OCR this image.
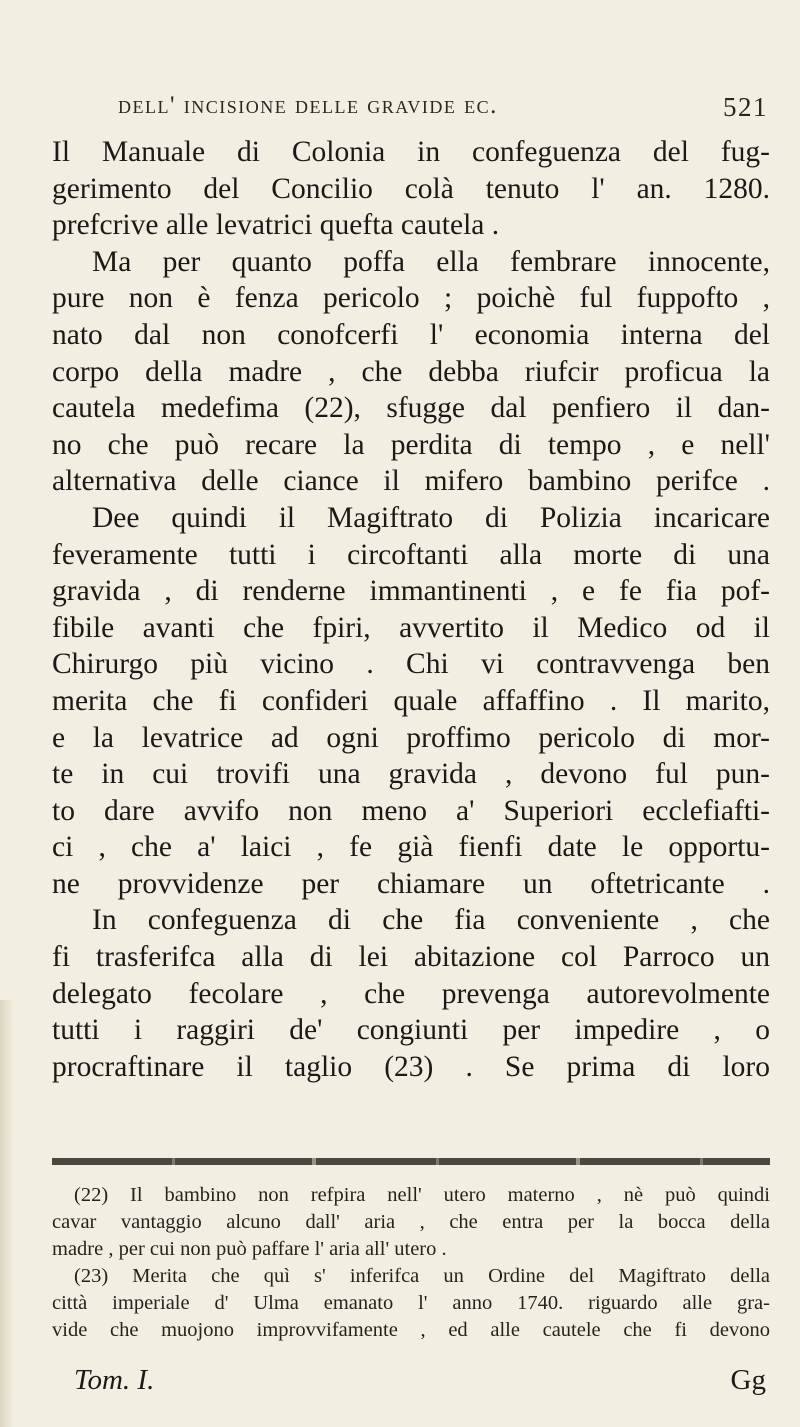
dell' incisione delle gravide ec.	521
Il Manuale di Colonia in confeguenza del fug-
gerimento del Concilio colà tenuto l' an. 1280.
prefcrive alle levatrici quefta cautela .
Ma per quanto poffa ella fembrare innocente,
pure non è fenza pericolo ; poichè ful fuppofto ,
nato dal non conofcerfi l' economia interna del
corpo della madre , che debba riufcir proficua la
cautela medefima (22), sfugge dal penfiero il dan-
no che può recare la perdita di tempo , e nell'
alternativa delle ciance il mifero bambino perifce .
Dee quindi il Magiftrato di Polizia incaricare
feveramente tutti i circoftanti alla morte di una
gravida , di renderne immantinenti , e fe fia pof-
fibile avanti che fpiri, avvertito il Medico od il
Chirurgo più vicino . Chi vi contravvenga ben
merita che fi confideri quale affaffino . Il marito,
e la levatrice ad ogni proffimo pericolo di mor-
te in cui trovifi una gravida , devono ful pun-
to dare avvifo non meno a' Superiori ecclefiafti-
ci , che a' laici , fe già fienfi date le opportu-
ne provvidenze per chiamare un oftetricante .
In confeguenza di che fia conveniente , che
fi trasferifca alla di lei abitazione col Parroco un
delegato fecolare , che prevenga autorevolmente
tutti i raggiri de' congiunti per impedire , o
procraftinare il taglio (23) . Se prima di loro
(22) Il bambino non refpira nell' utero materno , nè può quindi
cavar vantaggio alcuno dall' aria , che entra per la bocca della
madre , per cui non può paffare l' aria all' utero .
(23) Merita che quì s' inferifca un Ordine del Magiftrato della
città imperiale d' Ulma emanato l' anno 1740. riguardo alle gra-
vide che muojono improvvifamente , ed alle cautele che fi devono
Tom. I.	Gg
